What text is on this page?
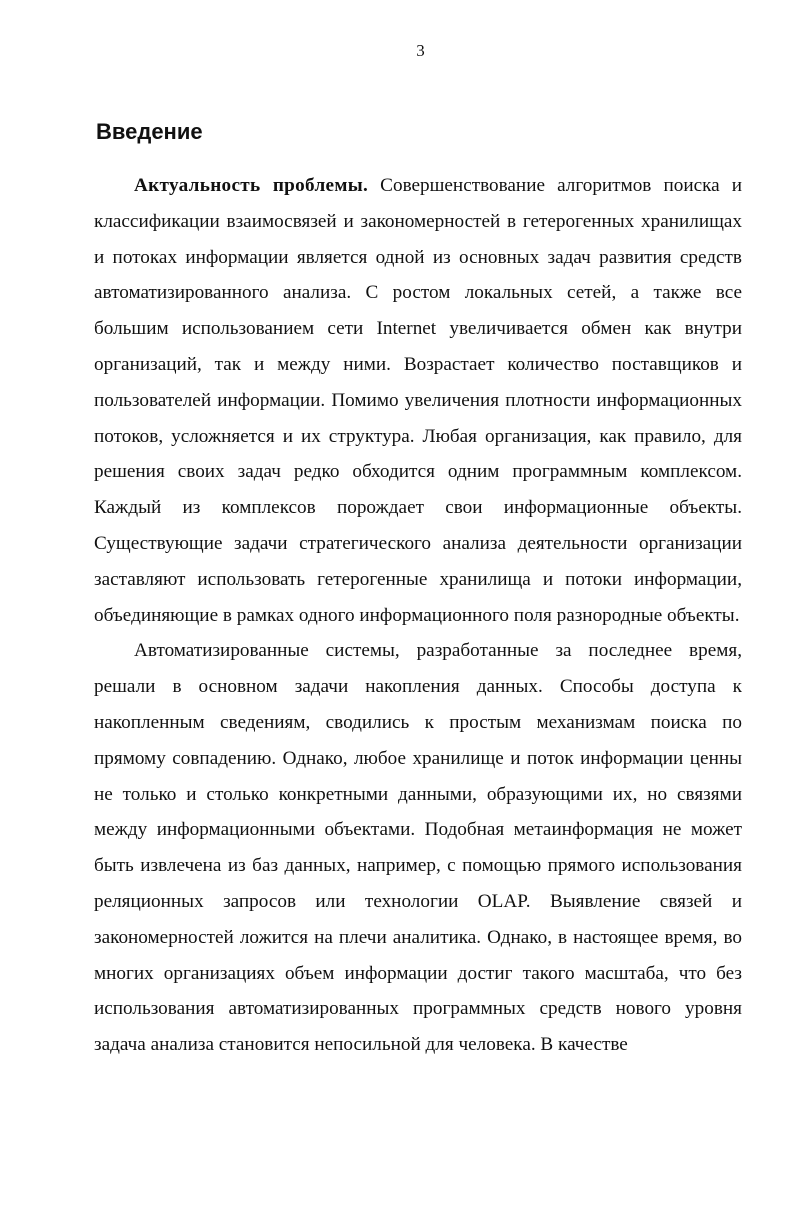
3
Введение

Актуальность проблемы. Совершенствование алгоритмов поиска и классификации взаимосвязей и закономерностей в гетерогенных хранилищах и потоках информации является одной из основных задач развития средств автоматизированного анализа. С ростом локальных сетей, а также все большим использованием сети Internet увеличивается обмен как внутри организаций, так и между ними. Возрастает количество поставщиков и пользователей информации. Помимо увеличения плотности информационных потоков, усложняется и их структура. Любая организация, как правило, для решения своих задач редко обходится одним программным комплексом. Каждый из комплексов порождает свои информационные объекты. Существующие задачи стратегического анализа деятельности организации заставляют использовать гетерогенные хранилища и потоки информации, объединяющие в рамках одного информационного поля разнородные объекты.

Автоматизированные системы, разработанные за последнее время, решали в основном задачи накопления данных. Способы доступа к накопленным сведениям, сводились к простым механизмам поиска по прямому совпадению. Однако, любое хранилище и поток информации ценны не только и столько конкретными данными, образующими их, но связями между информационными объектами. Подобная метаинформация не может быть извлечена из баз данных, например, с помощью прямого использования реляционных запросов или технологии OLAP. Выявление связей и закономерностей ложится на плечи аналитика. Однако, в настоящее время, во многих организациях объем информации достиг такого масштаба, что без использования автоматизированных программных средств нового уровня задача анализа становится непосильной для человека. В качестве
